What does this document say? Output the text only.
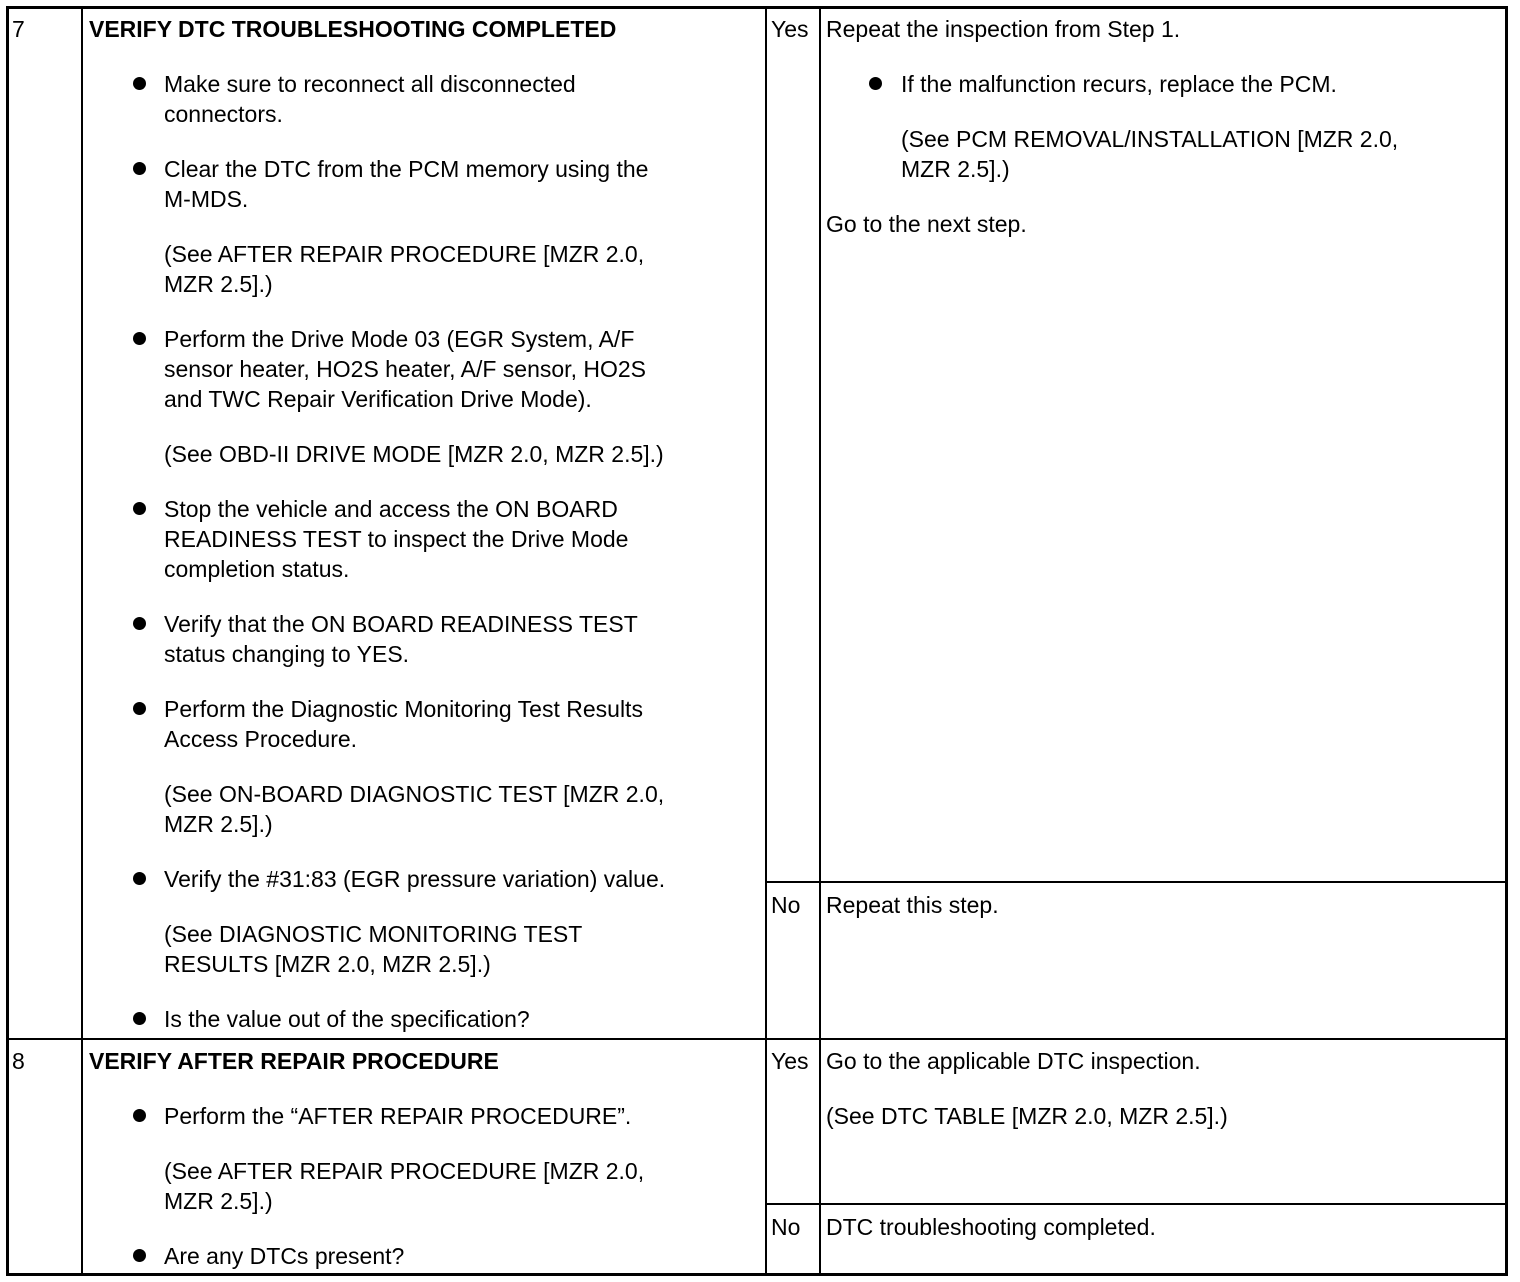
7	VERIFY DTC TROUBLESHOOTING COMPLETED
Make sure to reconnect all disconnected
connectors.
Clear the DTC from the PCM memory using the
M-MDS.
(See AFTER REPAIR PROCEDURE [MZR 2.0,
MZR 2.5].)
Perform the Drive Mode 03 (EGR System, A/F
sensor heater, HO2S heater, A/F sensor, HO2S
and TWC Repair Verification Drive Mode).
(See OBD-II DRIVE MODE [MZR 2.0, MZR 2.5].)
Stop the vehicle and access the ON BOARD
READINESS TEST to inspect the Drive Mode
completion status.
Verify that the ON BOARD READINESS TEST
status changing to YES.
Perform the Diagnostic Monitoring Test Results
Access Procedure.
(See ON-BOARD DIAGNOSTIC TEST [MZR 2.0,
MZR 2.5].)
Verify the #31:83 (EGR pressure variation) value.
(See DIAGNOSTIC MONITORING TEST
RESULTS [MZR 2.0, MZR 2.5].)
Is the value out of the specification?
Yes Repeat the inspection from Step 1.
If the malfunction recurs, replace the PCM.
(See PCM REMOVAL/INSTALLATION [MZR 2.0,
MZR 2.5].)
Go to the next step.
No Repeat this step.
8	VERIFY AFTER REPAIR PROCEDURE
Perform the “AFTER REPAIR PROCEDURE”.
(See AFTER REPAIR PROCEDURE [MZR 2.0,
MZR 2.5].)
Are any DTCs present?
Yes Go to the applicable DTC inspection.
(See DTC TABLE [MZR 2.0, MZR 2.5].)
No DTC troubleshooting completed.
